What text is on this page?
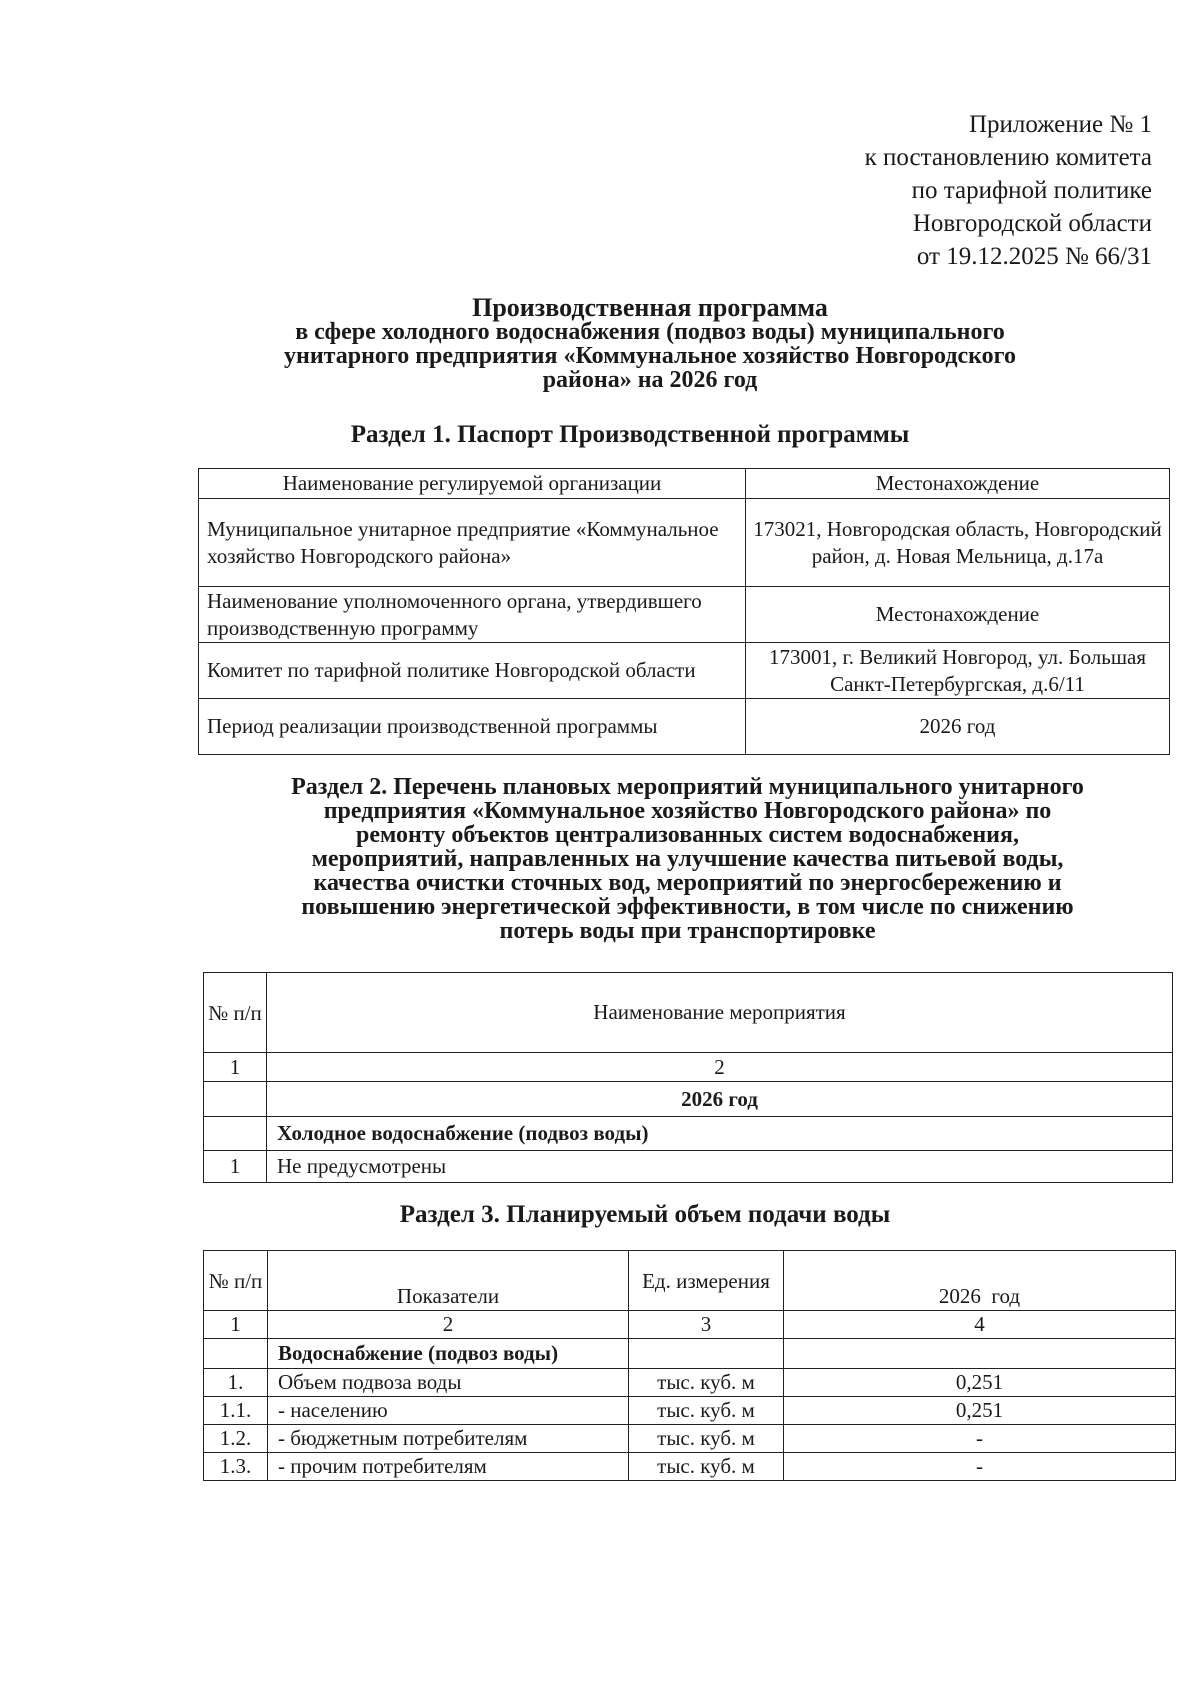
Приложение № 1
к постановлению комитета
по тарифной политике
Новгородской области
от 19.12.2025 № 66/31
Производственная программа
в сфере холодного водоснабжения (подвоз воды) муниципального
унитарного предприятия «Коммунальное хозяйство Новгородского
района» на 2026 год
Раздел 1. Паспорт Производственной программы
Наименование регулируемой организации	Местонахождение
Муниципальное унитарное предприятие «Коммунальное хозяйство Новгородского района»	173021, Новгородская область, Новгородский район, д. Новая Мельница, д.17а
Наименование уполномоченного органа, утвердившего производственную программу	Местонахождение
Комитет по тарифной политике Новгородской области	173001, г. Великий Новгород, ул. Большая Санкт-Петербургская, д.6/11
Период реализации производственной программы	2026 год
Раздел 2. Перечень плановых мероприятий муниципального унитарного
предприятия «Коммунальное хозяйство Новгородского района» по
ремонту объектов централизованных систем водоснабжения,
мероприятий, направленных на улучшение качества питьевой воды,
качества очистки сточных вод, мероприятий по энергосбережению и
повышению энергетической эффективности, в том числе по снижению
потерь воды при транспортировке
№ п/п	Наименование мероприятия
1	2
	2026 год
	Холодное водоснабжение (подвоз воды)
1	Не предусмотрены
Раздел 3. Планируемый объем подачи воды
№ п/п	Показатели	Ед. измерения	2026  год
1	2	3	4
	Водоснабжение (подвоз воды)		
1.	Объем подвоза воды	тыс. куб. м	0,251
1.1.	- населению	тыс. куб. м	0,251
1.2.	- бюджетным потребителям	тыс. куб. м	-
1.3.	- прочим потребителям	тыс. куб. м	-
